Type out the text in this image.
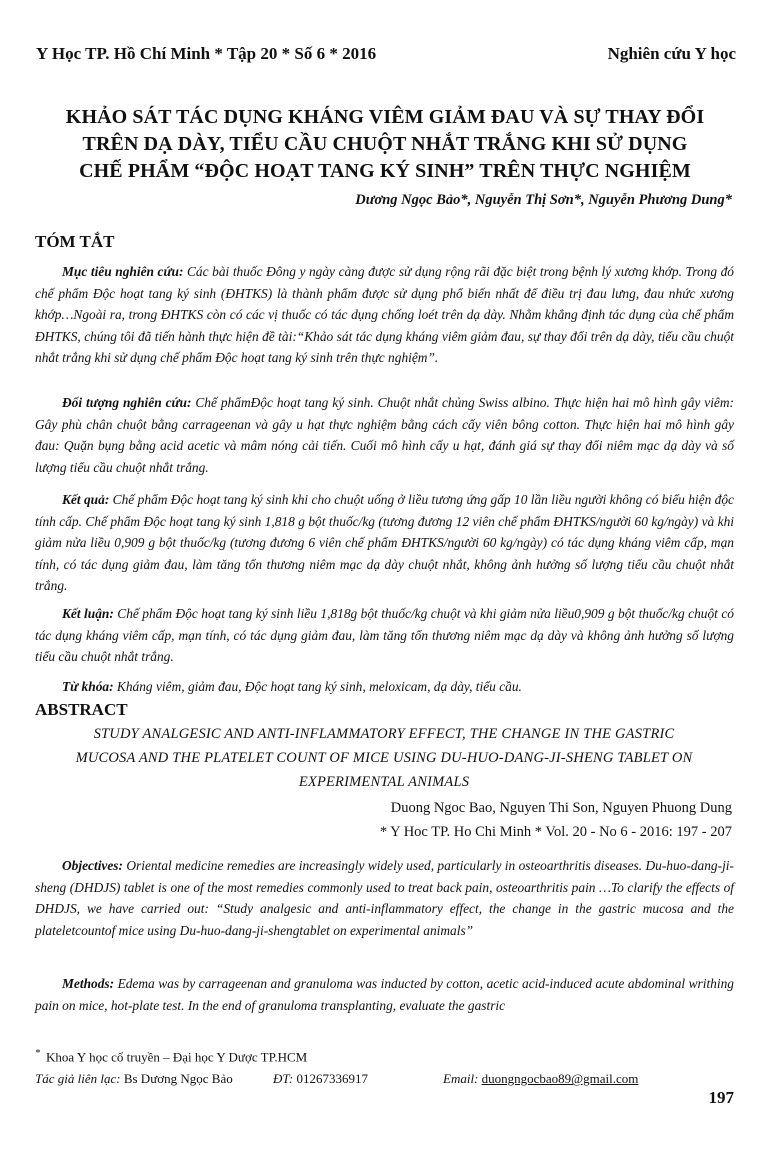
Y Học TP. Hồ Chí Minh * Tập 20 * Số 6 * 2016	Nghiên cứu Y học
KHẢO SÁT TÁC DỤNG KHÁNG VIÊM GIẢM ĐAU VÀ SỰ THAY ĐỔI
TRÊN DẠ DÀY, TIỂU CẦU CHUỘT NHẮT TRẮNG KHI SỬ DỤNG
CHẾ PHẨM “ĐỘC HOẠT TANG KÝ SINH” TRÊN THỰC NGHIỆM
Dương Ngọc Bảo*, Nguyễn Thị Sơn*, Nguyễn Phương Dung*
TÓM TẮT

Mục tiêu nghiên cứu: Các bài thuốc Đông y ngày càng được sử dụng rộng rãi đặc biệt trong bệnh lý xương khớp. Trong đó chế phẩm Độc hoạt tang ký sinh (ĐHTKS) là thành phẩm được sử dụng phổ biến nhất để điều trị đau lưng, đau nhức xương khớp…Ngoài ra, trong ĐHTKS còn có các vị thuốc có tác dụng chống loét trên dạ dày. Nhằm khẳng định tác dụng của chế phẩm ĐHTKS, chúng tôi đã tiến hành thực hiện đề tài:“Khảo sát tác dụng kháng viêm giảm đau, sự thay đổi trên dạ dày, tiểu cầu chuột nhắt trắng khi sử dụng chế phẩm Độc hoạt tang ký sinh trên thực nghiệm”.

Đối tượng nghiên cứu: Chế phẩmĐộc hoạt tang ký sinh. Chuột nhắt chủng Swiss albino. Thực hiện hai mô hình gây viêm: Gây phù chân chuột bằng carrageenan và gây u hạt thực nghiệm bằng cách cấy viên bông cotton. Thực hiện hai mô hình gây đau: Quặn bụng bằng acid acetic và mâm nóng cải tiến. Cuối mô hình cấy u hạt, đánh giá sự thay đổi niêm mạc dạ dày và số lượng tiểu cầu chuột nhắt trắng.

Kết quả: Chế phẩm Độc hoạt tang ký sinh khi cho chuột uống ở liều tương ứng gấp 10 lần liều người không có biểu hiện độc tính cấp. Chế phẩm Độc hoạt tang ký sinh 1,818 g bột thuốc/kg (tương đương 12 viên chế phẩm ĐHTKS/người 60 kg/ngày) và khi giảm nửa liều 0,909 g bột thuốc/kg (tương đương 6 viên chế phẩm ĐHTKS/người 60 kg/ngày) có tác dụng kháng viêm cấp, mạn tính, có tác dụng giảm đau, làm tăng tổn thương niêm mạc dạ dày chuột nhắt, không ảnh hưởng số lượng tiểu cầu chuột nhắt trắng.

Kết luận: Chế phẩm Độc hoạt tang ký sinh liều 1,818g bột thuốc/kg chuột và khi giảm nửa liều0,909 g bột thuốc/kg chuột có tác dụng kháng viêm cấp, mạn tính, có tác dụng giảm đau, làm tăng tổn thương niêm mạc dạ dày và không ảnh hưởng số lượng tiểu cầu chuột nhắt trắng.

Từ khóa: Kháng viêm, giảm đau, Độc hoạt tang ký sinh, meloxicam, dạ dày, tiểu cầu.

ABSTRACT
STUDY ANALGESIC AND ANTI-INFLAMMATORY EFFECT, THE CHANGE IN THE GASTRIC
MUCOSA AND THE PLATELET COUNT OF MICE USING DU-HUO-DANG-JI-SHENG TABLET ON
EXPERIMENTAL ANIMALS
Duong Ngoc Bao, Nguyen Thi Son, Nguyen Phuong Dung
* Y Hoc TP. Ho Chi Minh * Vol. 20 - No 6 - 2016: 197 - 207

Objectives: Oriental medicine remedies are increasingly widely used, particularly in osteoarthritis diseases. Du-huo-dang-ji-sheng (DHDJS) tablet is one of the most remedies commonly used to treat back pain, osteoarthritis pain …To clarify the effects of DHDJS, we have carried out: “Study analgesic and anti-inflammatory effect, the change in the gastric mucosa and the plateletcountof mice using Du-huo-dang-ji-shengtablet on experimental animals”

Methods: Edema was by carrageenan and granuloma was inducted by cotton, acetic acid-induced acute abdominal writhing pain on mice, hot-plate test. In the end of granuloma transplanting, evaluate the gastric

* Khoa Y học cổ truyền – Đại học Y Dược TP.HCM
Tác giả liên lạc: Bs Dương Ngọc Bảo	ĐT: 01267336917	Email: duongngocbao89@gmail.com
197
